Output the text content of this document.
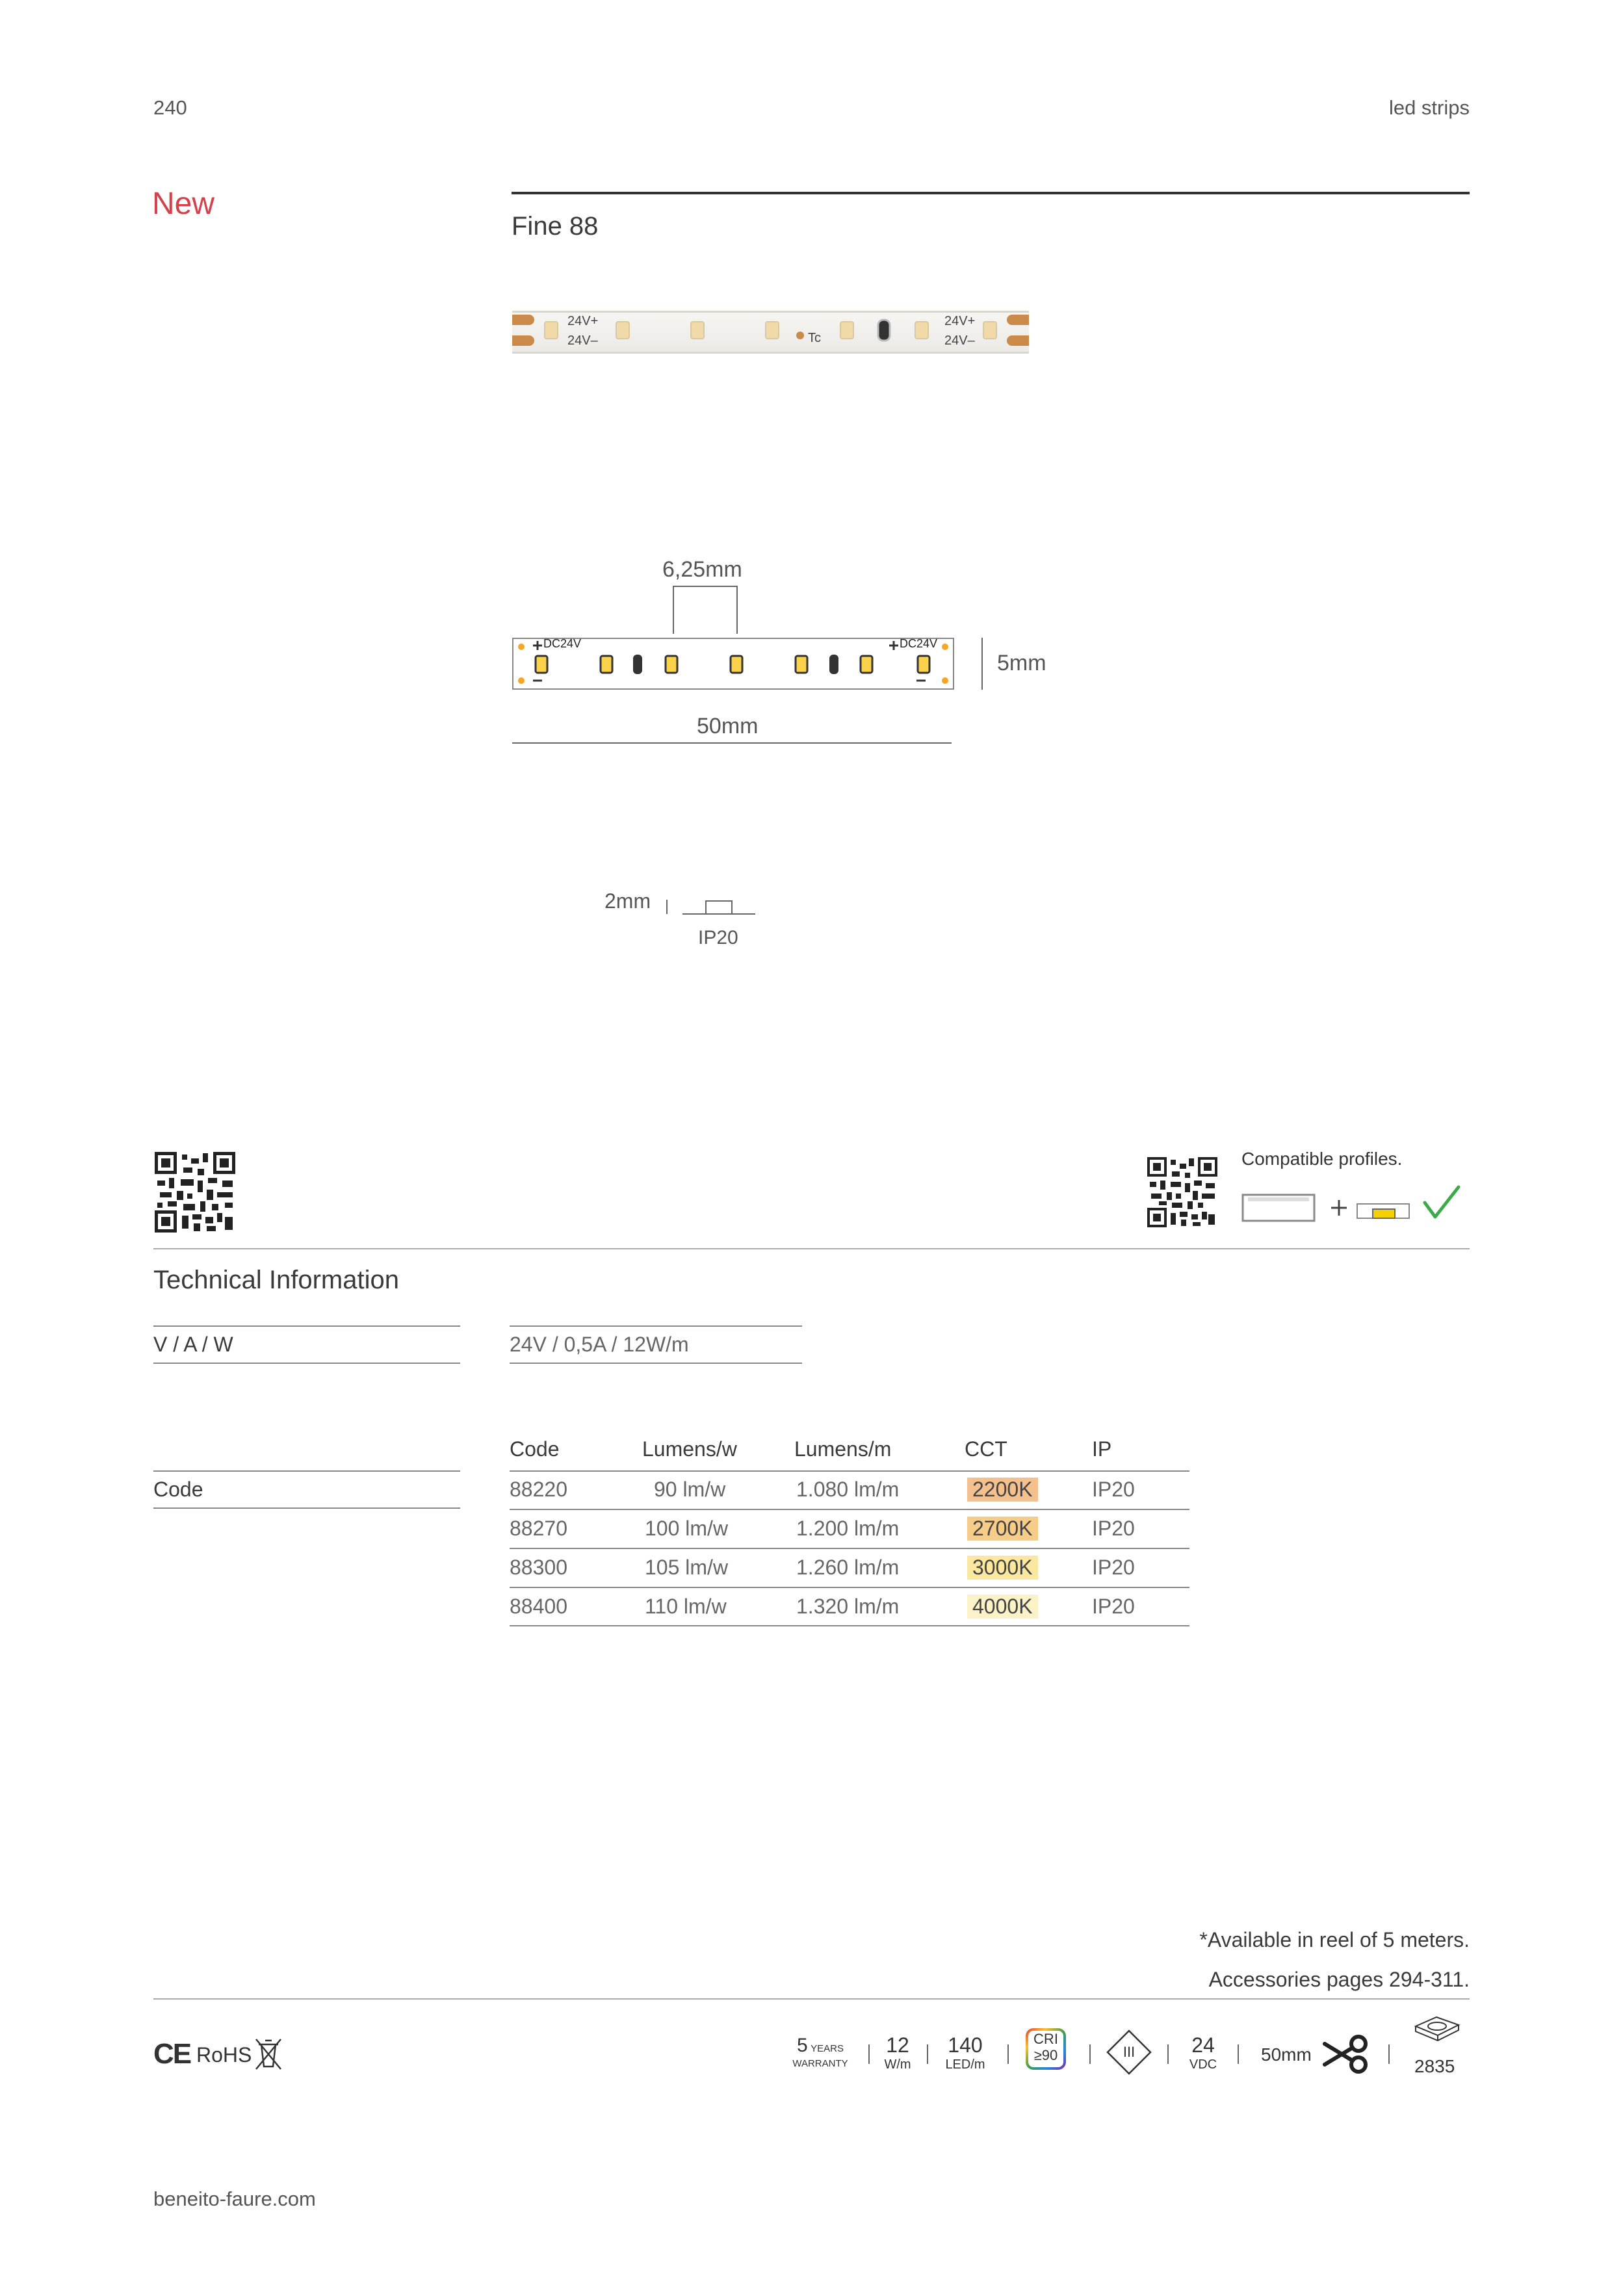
240	led strips
New
Fine 88
24V+
24V–	Tc
24V+
24V–
6,25mm
DC24V	DC24V
5mm
50mm
2mm
IP20
Compatible profiles.
Technical Information
V / A / W	24V / 0,5A / 12W/m
Code
Code	Lumens/w	Lumens/m	CCT	IP
88220	90 lm/w	1.080 lm/m	2200K	IP20
88270	100 lm/w	1.200 lm/m	2700K	IP20
88300	105 lm/w	1.260 lm/m	3000K	IP20
88400	110 lm/w	1.320 lm/m	4000K	IP20
*Available in reel of 5 meters.
Accessories pages 294-311.
CE RoHS	5 YEARS
WARRANTY
12
W/m
140
LED/m
CRI
≥90	III	24
VDC	50mm
2835
beneito-faure.com
